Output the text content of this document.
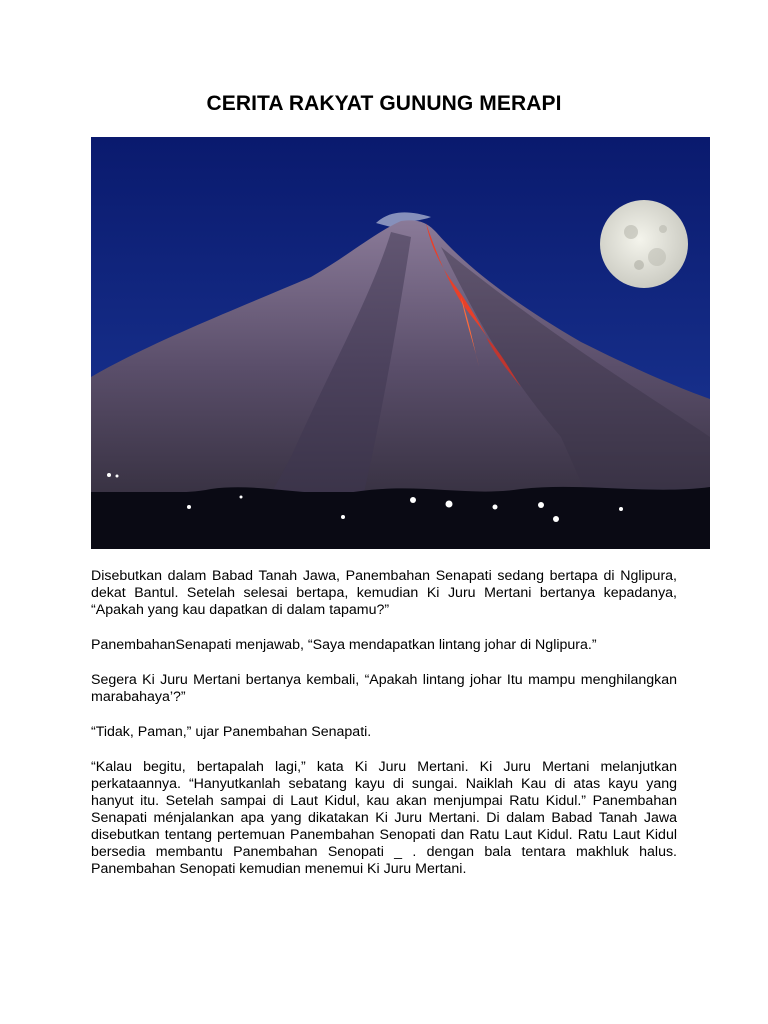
CERITA RAKYAT GUNUNG MERAPI

Disebutkan dalam Babad Tanah Jawa, Panembahan Senapati sedang bertapa di Nglipura, dekat Bantul. Setelah selesai bertapa, kemudian Ki Juru Mertani bertanya kepadanya, “Apakah yang kau dapatkan di dalam tapamu?”

PanembahanSenapati menjawab, “Saya mendapatkan lintang johar di Nglipura.”

Segera Ki Juru Mertani bertanya kembali, “Apakah lintang johar Itu mampu menghilangkan marabahaya’?”

“Tidak, Paman,” ujar Panembahan Senapati.

“Kalau begitu, bertapalah lagi,” kata Ki Juru Mertani. Ki Juru Mertani melanjutkan perkataannya. “Hanyutkanlah sebatang kayu di sungai. Naiklah Kau di atas kayu yang hanyut itu. Setelah sampai di Laut Kidul, kau akan menjumpai Ratu Kidul.” Panembahan Senapati ménjalankan apa yang dikatakan Ki Juru Mertani. Di dalam Babad Tanah Jawa disebutkan tentang pertemuan Panembahan Senopati dan Ratu Laut Kidul. Ratu Laut Kidul bersedia membantu Panembahan Senopati _ . dengan bala tentara makhluk halus. Panembahan Senopati kemudian menemui Ki Juru Mertani.
